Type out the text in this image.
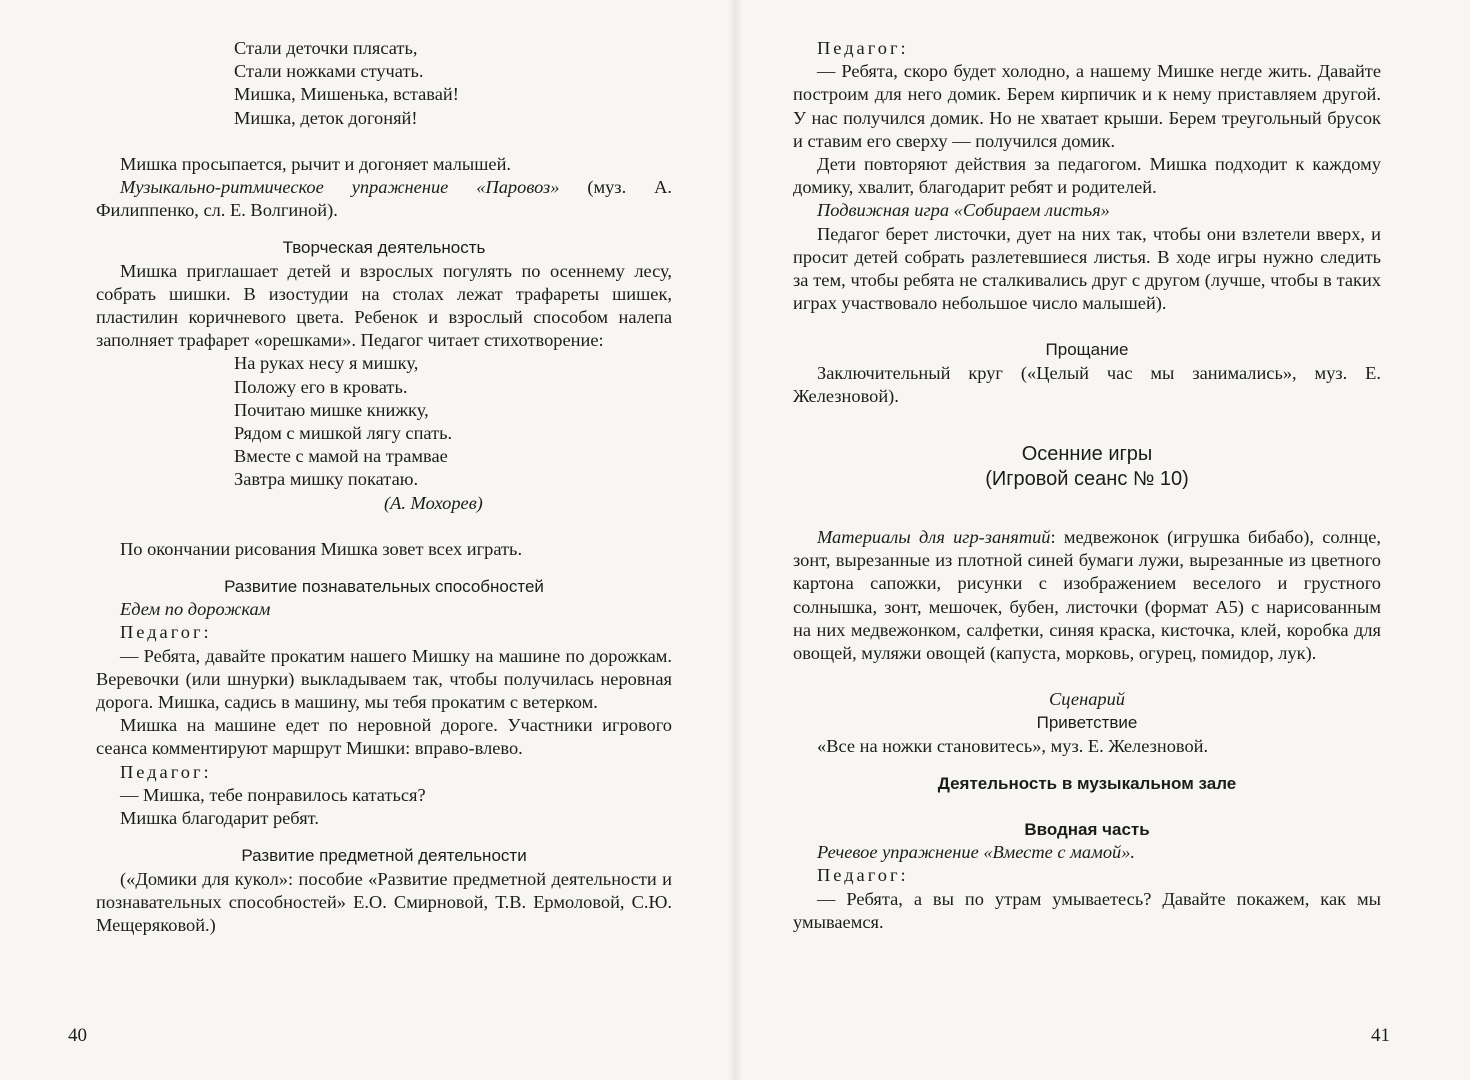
Стали деточки плясать,
Стали ножками стучать.
Мишка, Мишенька, вставай!
Мишка, деток догоняй!

Мишка просыпается, рычит и догоняет малышей.

Музыкально-ритмическое упражнение «Паровоз» (муз. А. Филиппенко, сл. Е. Волгиной).

Творческая деятельность

Мишка приглашает детей и взрослых погулять по осеннему лесу, собрать шишки. В изостудии на столах лежат трафареты шишек, пластилин коричневого цвета. Ребенок и взрослый способом налепа заполняет трафарет «орешками». Педагог читает стихотворение:

На руках несу я мишку,
Положу его в кровать.
Почитаю мишке книжку,
Рядом с мишкой лягу спать.
Вместе с мамой на трамвае
Завтра мишку покатаю.
(А. Мохорев)

По окончании рисования Мишка зовет всех играть.

Развитие познавательных способностей

Едем по дорожкам

Педагог:

— Ребята, давайте прокатим нашего Мишку на машине по дорожкам. Веревочки (или шнурки) выкладываем так, чтобы получилась неровная дорога. Мишка, садись в машину, мы тебя прокатим с ветерком.

Мишка на машине едет по неровной дороге. Участники игрового сеанса комментируют маршрут Мишки: вправо-влево.

Педагог:

— Мишка, тебе понравилось кататься?

Мишка благодарит ребят.

Развитие предметной деятельности

(«Домики для кукол»: пособие «Развитие предметной деятельности и познавательных способностей» Е.О. Смирновой, Т.В. Ермоловой, С.Ю. Мещеряковой.)

40

Педагог:

— Ребята, скоро будет холодно, а нашему Мишке негде жить. Давайте построим для него домик. Берем кирпичик и к нему приставляем другой. У нас получился домик. Но не хватает крыши. Берем треугольный брусок и ставим его сверху — получился домик.

Дети повторяют действия за педагогом. Мишка подходит к каждому домику, хвалит, благодарит ребят и родителей.

Подвижная игра «Собираем листья»

Педагог берет листочки, дует на них так, чтобы они взлетели вверх, и просит детей собрать разлетевшиеся листья. В ходе игры нужно следить за тем, чтобы ребята не сталкивались друг с другом (лучше, чтобы в таких играх участвовало небольшое число малышей).

Прощание

Заключительный круг («Целый час мы занимались», муз. Е. Железновой).

Осенние игры
(Игровой сеанс № 10)

Материалы для игр-занятий: медвежонок (игрушка бибабо), солнце, зонт, вырезанные из плотной синей бумаги лужи, вырезанные из цветного картона сапожки, рисунки с изображением веселого и грустного солнышка, зонт, мешочек, бубен, листочки (формат А5) с нарисованным на них медвежонком, салфетки, синяя краска, кисточка, клей, коробка для овощей, муляжи овощей (капуста, морковь, огурец, помидор, лук).

Сценарий

Приветствие

«Все на ножки становитесь», муз. Е. Железновой.

Деятельность в музыкальном зале
Вводная часть

Речевое упражнение «Вместе с мамой».

Педагог:

— Ребята, а вы по утрам умываетесь? Давайте покажем, как мы умываемся.

41
